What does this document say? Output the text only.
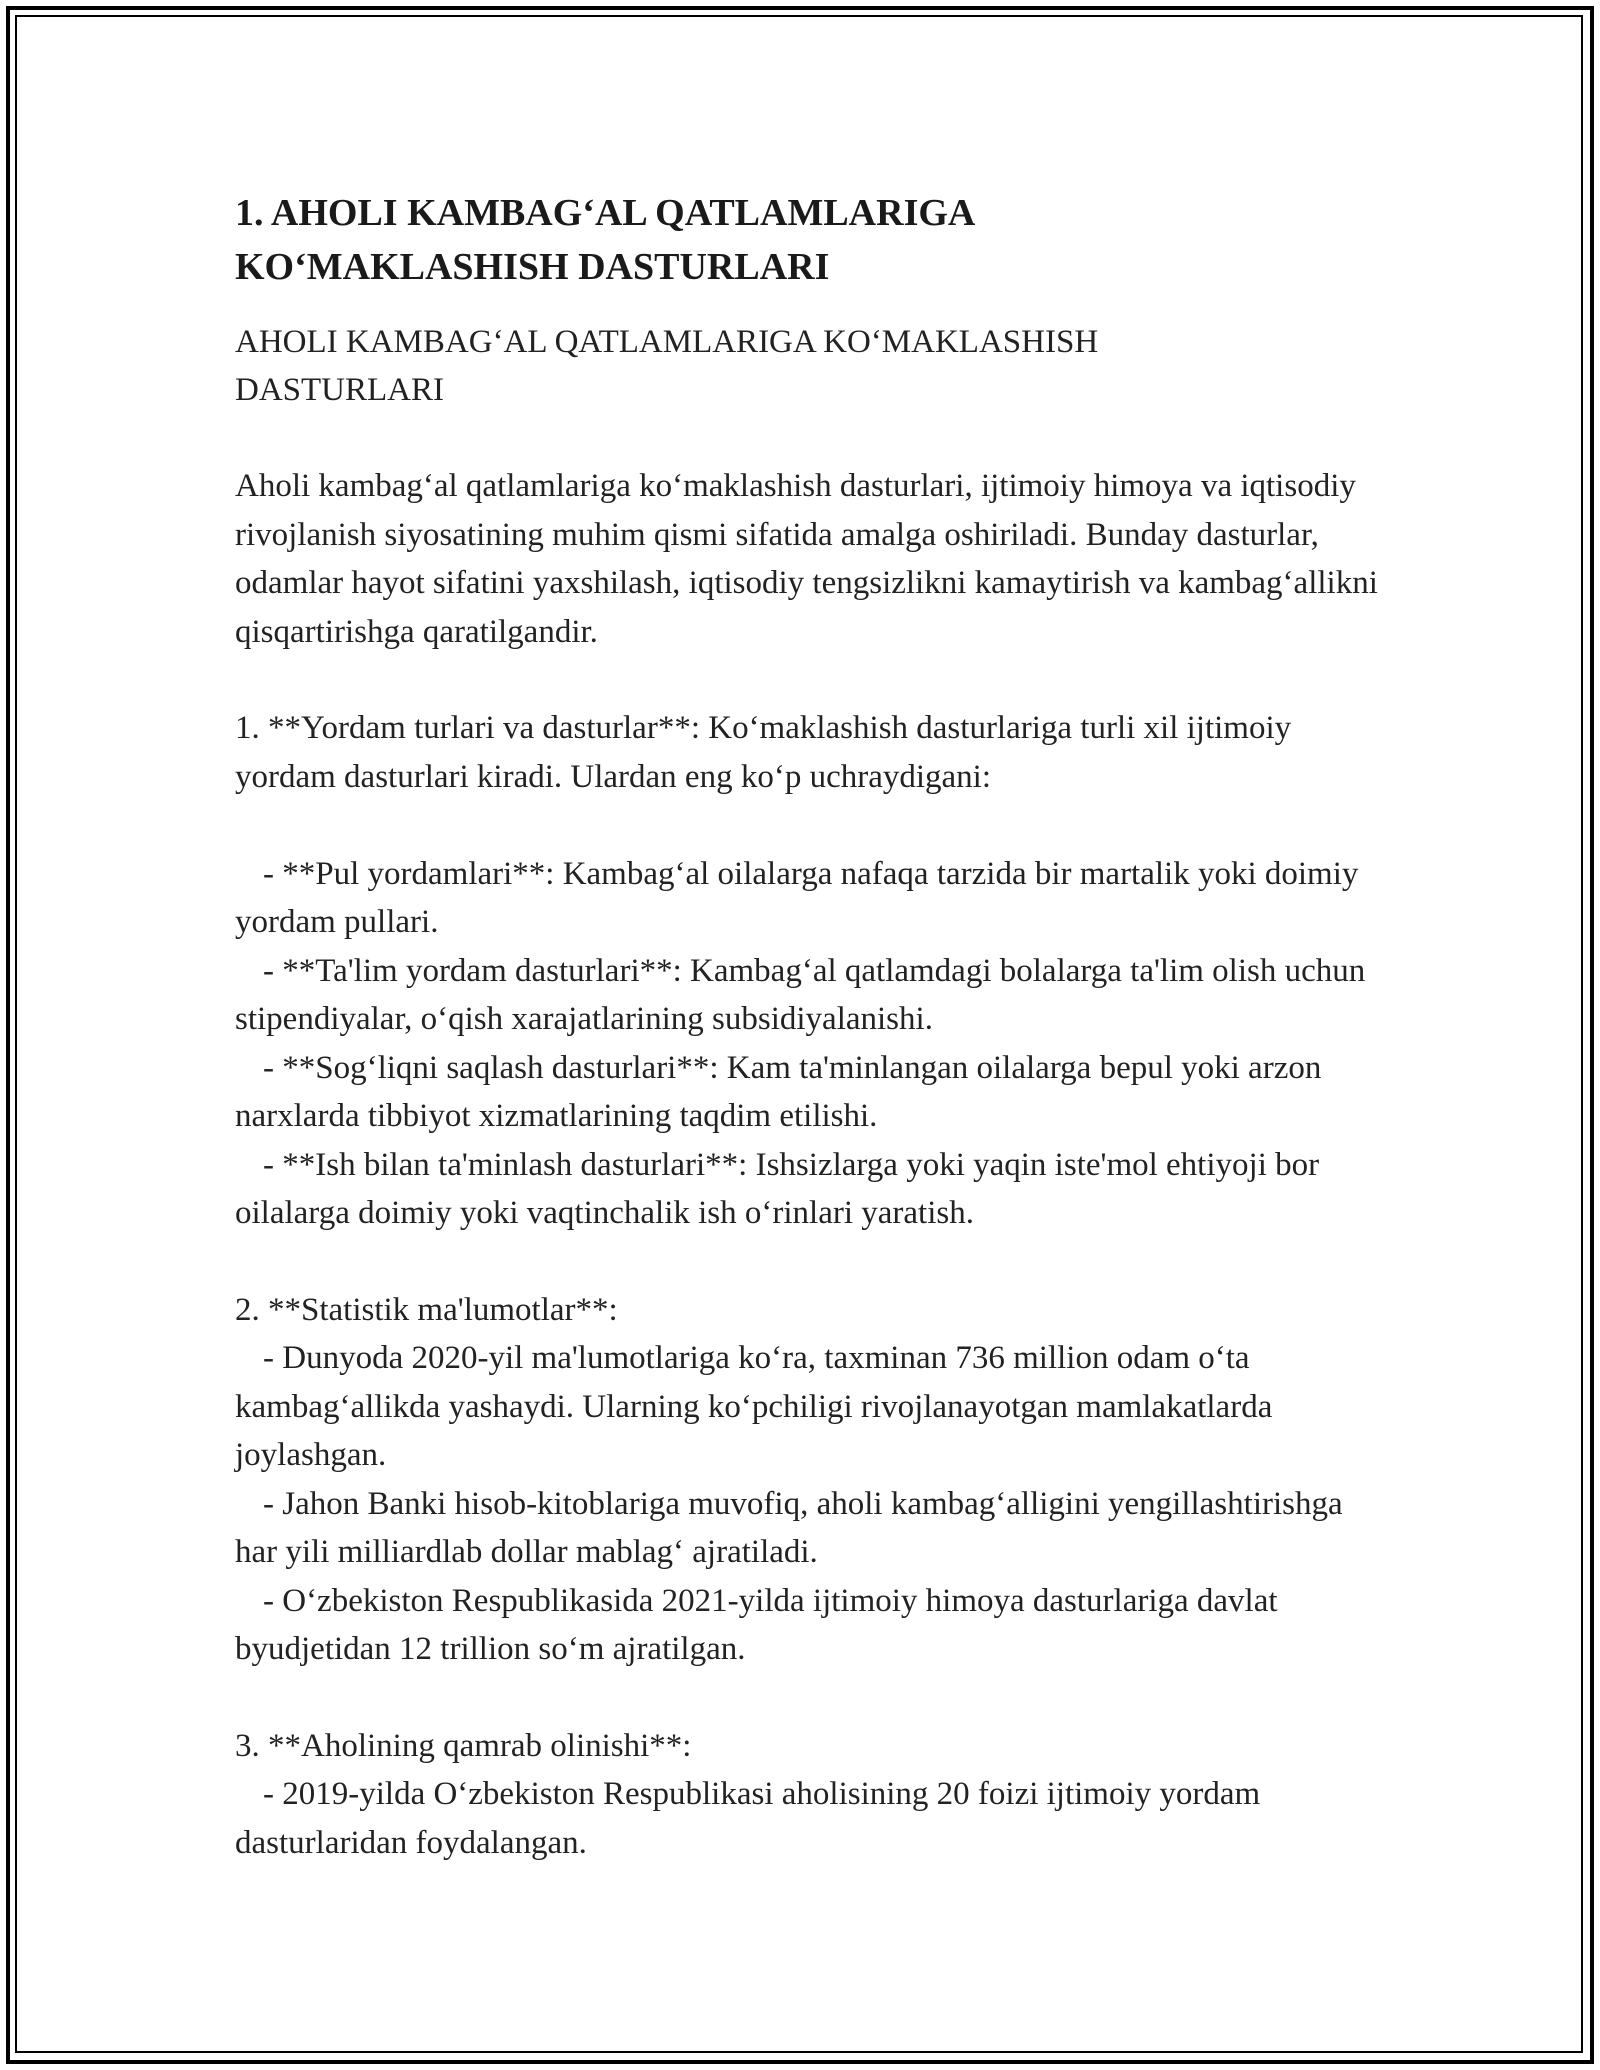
1. AHOLI KAMBAG‘AL QATLAMLARIGA KO‘MAKLASHISH DASTURLARI

AHOLI KAMBAG‘AL QATLAMLARIGA KO‘MAKLASHISH DASTURLARI

Aholi kambag‘al qatlamlariga ko‘maklashish dasturlari, ijtimoiy himoya va iqtisodiy rivojlanish siyosatining muhim qismi sifatida amalga oshiriladi. Bunday dasturlar, odamlar hayot sifatini yaxshilash, iqtisodiy tengsizlikni kamaytirish va kambag‘allikni qisqartirishga qaratilgandir.

1. **Yordam turlari va dasturlar**: Ko‘maklashish dasturlariga turli xil ijtimoiy yordam dasturlari kiradi. Ulardan eng ko‘p uchraydigani:

- **Pul yordamlari**: Kambag‘al oilalarga nafaqa tarzida bir martalik yoki doimiy yordam pullari.

- **Ta'lim yordam dasturlari**: Kambag‘al qatlamdagi bolalarga ta'lim olish uchun stipendiyalar, o‘qish xarajatlarining subsidiyalanishi.

- **Sog‘liqni saqlash dasturlari**: Kam ta'minlangan oilalarga bepul yoki arzon narxlarda tibbiyot xizmatlarining taqdim etilishi.

- **Ish bilan ta'minlash dasturlari**: Ishsizlarga yoki yaqin iste'mol ehtiyoji bor oilalarga doimiy yoki vaqtinchalik ish o‘rinlari yaratish.

2. **Statistik ma'lumotlar**:

- Dunyoda 2020-yil ma'lumotlariga ko‘ra, taxminan 736 million odam o‘ta kambag‘allikda yashaydi. Ularning ko‘pchiligi rivojlanayotgan mamlakatlarda joylashgan.

- Jahon Banki hisob-kitoblariga muvofiq, aholi kambag‘alligini yengillashtirishga har yili milliardlab dollar mablag‘ ajratiladi.

- O‘zbekiston Respublikasida 2021-yilda ijtimoiy himoya dasturlariga davlat byudjetidan 12 trillion so‘m ajratilgan.

3. **Aholining qamrab olinishi**:

- 2019-yilda O‘zbekiston Respublikasi aholisining 20 foizi ijtimoiy yordam dasturlaridan foydalangan.
